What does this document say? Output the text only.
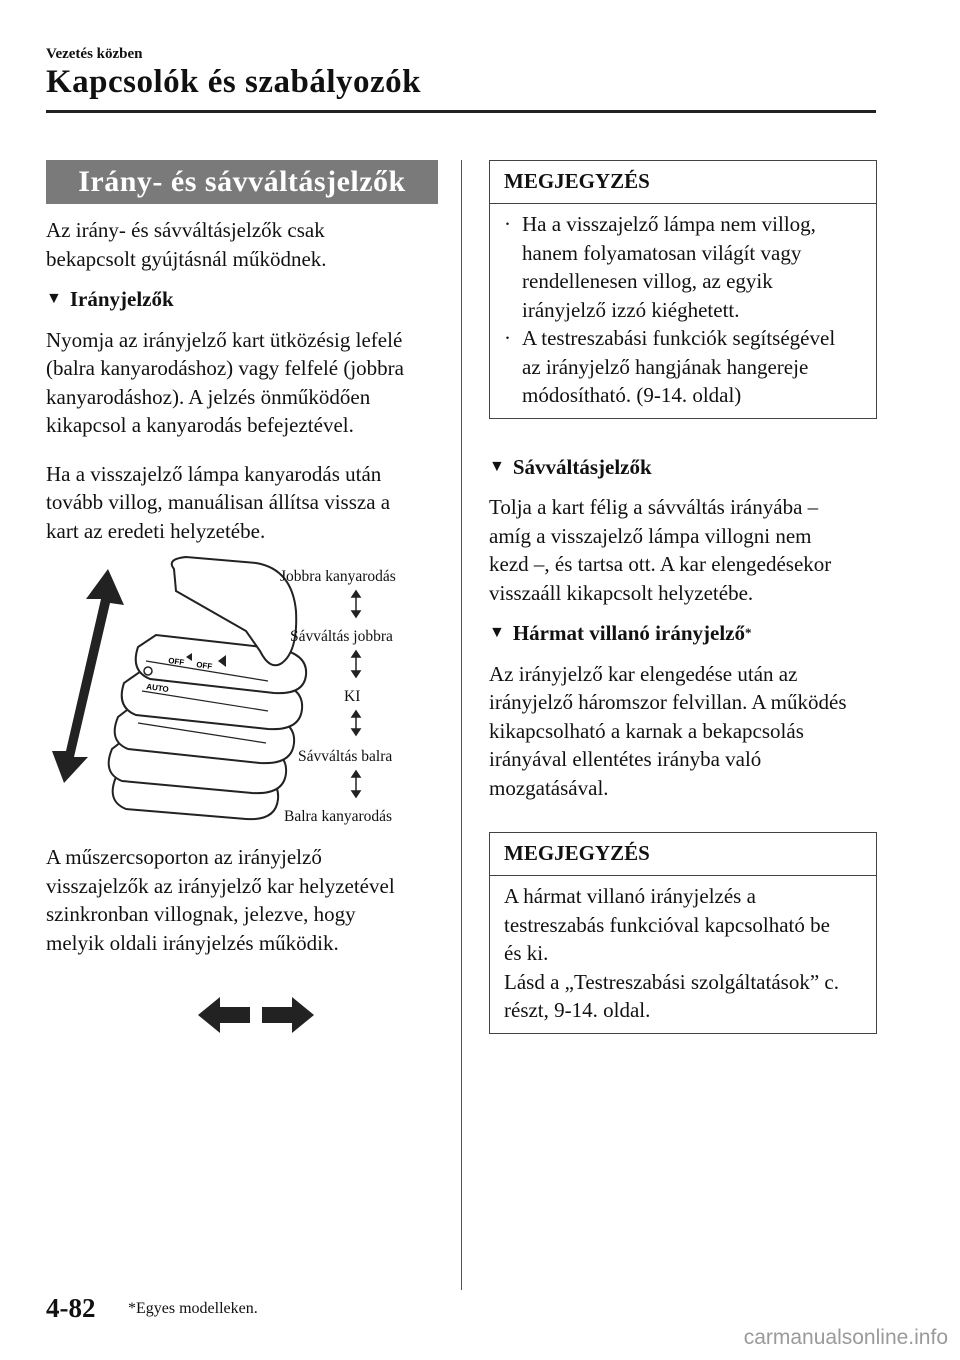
Vezetés közben
Kapcsolók és szabályozók
Irány- és sávváltásjelzők

Az irány- és sávváltásjelzők csak

bekapcsolt gyújtásnál működnek.

▼ Irányjelzők

Nyomja az irányjelző kart ütközésig lefelé

(balra kanyarodáshoz) vagy felfelé (jobbra

kanyarodáshoz). A jelzés önműködően

kikapcsol a kanyarodás befejeztével.

Ha a visszajelző lámpa kanyarodás után

tovább villog, manuálisan állítsa vissza a

kart az eredeti helyzetébe.

OFF OFF
AUTO
Jobbra kanyarodás
Sávváltás jobbra
KI
Sávváltás balra
Balra kanyarodás

A műszercsoporton az irányjelző

visszajelzők az irányjelző kar helyzetével

szinkronban villognak, jelezve, hogy

melyik oldali irányjelzés működik.

MEGJEGYZÉS
· Ha a visszajelző lámpa nem villog,

hanem folyamatosan világít vagy

rendellenesen villog, az egyik

irányjelző izzó kiéghetett.

· A testreszabási funkciók segítségével

az irányjelző hangjának hangereje

módosítható. (9-14. oldal)

▼ Sávváltásjelzők

Tolja a kart félig a sávváltás irányába –

amíg a visszajelző lámpa villogni nem

kezd –, és tartsa ott. A kar elengedésekor

visszaáll kikapcsolt helyzetébe.

▼ Hármat villanó irányjelző *

Az irányjelző kar elengedése után az

irányjelző háromszor felvillan. A működés

kikapcsolható a karnak a bekapcsolás

irányával ellentétes irányba való

mozgatásával.

MEGJEGYZÉS

A hármat villanó irányjelzés a

testreszabás funkcióval kapcsolható be

és ki.

Lásd a „Testreszabási szolgáltatások” c.

részt, 9-14. oldal.

4-82 *Egyes modelleken.
carmanualsonline.info
